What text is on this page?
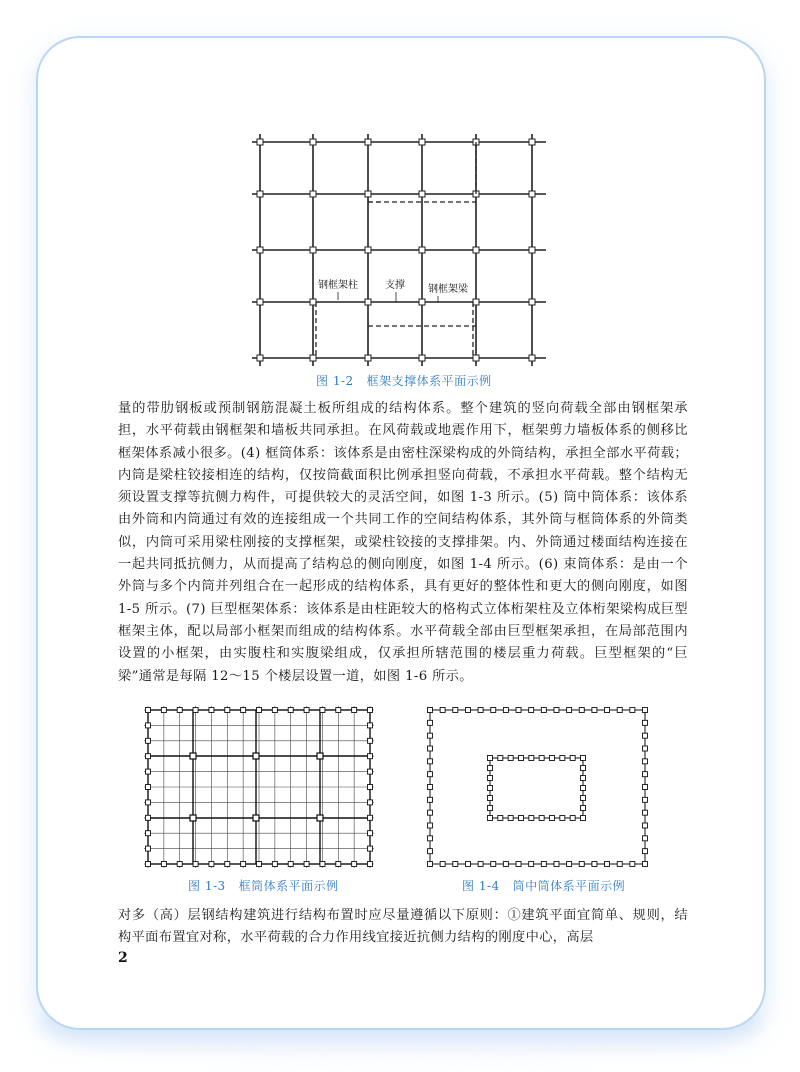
钢框架柱	支撑 钢框架梁
图 1-2   框架支撑体系平面示例

量的带肋钢板或预制钢筋混凝土板所组成的结构体系。整个建筑的竖向荷载全部由钢框架承担，水平荷载由钢框架和墙板共同承担。在风荷载或地震作用下，框架剪力墙板体系的侧移比框架体系减小很多。(4) 框筒体系：该体系是由密柱深梁构成的外筒结构，承担全部水平荷载；内筒是梁柱铰接相连的结构，仅按筒截面积比例承担竖向荷载，不承担水平荷载。整个结构无须设置支撑等抗侧力构件，可提供较大的灵活空间，如图 1-3 所示。(5) 筒中筒体系：该体系由外筒和内筒通过有效的连接组成一个共同工作的空间结构体系，其外筒与框筒体系的外筒类似，内筒可采用梁柱刚接的支撑框架，或梁柱铰接的支撑排架。内、外筒通过楼面结构连接在一起共同抵抗侧力，从而提高了结构总的侧向刚度，如图 1-4 所示。(6) 束筒体系：是由一个外筒与多个内筒并列组合在一起形成的结构体系，具有更好的整体性和更大的侧向刚度，如图 1-5 所示。(7) 巨型框架体系：该体系是由柱距较大的格构式立体桁架柱及立体桁架梁构成巨型框架主体，配以局部小框架而组成的结构体系。水平荷载全部由巨型框架承担，在局部范围内设置的小框架，由实腹柱和实腹梁组成，仅承担所辖范围的楼层重力荷载。巨型框架的“巨梁”通常是每隔 12～15 个楼层设置一道，如图 1-6 所示。

图 1-3   框筒体系平面示例	图 1-4   筒中筒体系平面示例

对多（高）层钢结构建筑进行结构布置时应尽量遵循以下原则：①建筑平面宜简单、规则，结构平面布置宜对称，水平荷载的合力作用线宜接近抗侧力结构的刚度中心，高层

2
